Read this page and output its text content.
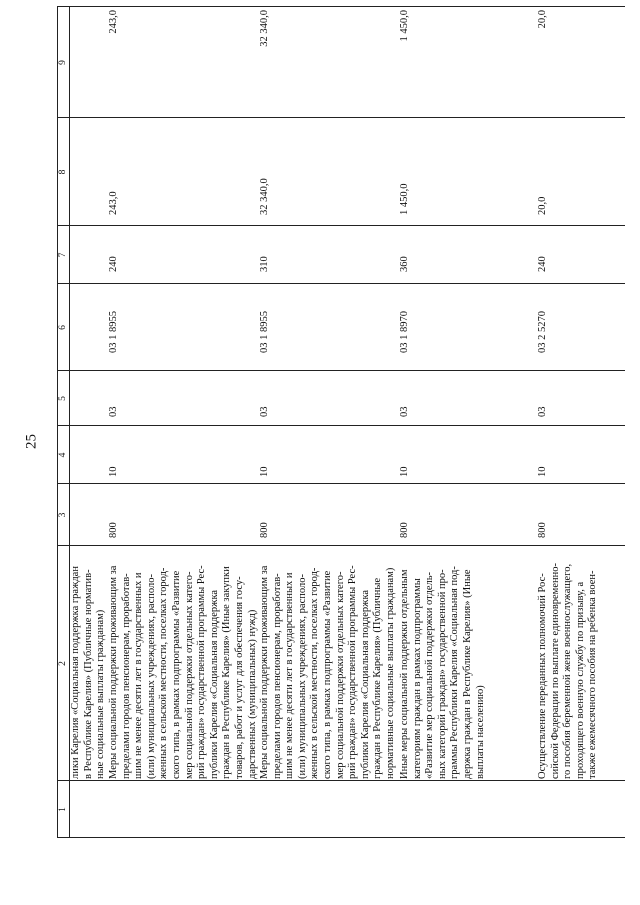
25
1
2
3
4
5
6
7
8
9
лики Карелия «Социальная поддержка граждан
в Республике Карелия» (Публичные норматив-
ные социальные выплаты гражданам)
Меры социальной поддержки проживающим за
пределами городов пенсионерам, проработав-
шим не менее десяти лет в государственных и
(или) муниципальных учреждениях, располо-
женных в сельской местности, поселках город-
ского типа, в рамках подпрограммы «Развитие
мер социальной поддержки отдельных катего-
рий граждан» государственной программы Рес-
публики Карелия «Социальная поддержка
граждан в Республике Карелия» (Иные закупки
товаров, работ и услуг для обеспечения госу-
дарственных (муниципальных) нужд)
800
10
03
03 1 8955
240
243,0
243,0
Меры социальной поддержки проживающим за
пределами городов пенсионерам, проработав-
шим не менее десяти лет в государственных и
(или) муниципальных учреждениях, располо-
женных в сельской местности, поселках город-
ского типа, в рамках подпрограммы «Развитие
мер социальной поддержки отдельных катего-
рий граждан» государственной программы Рес-
публики Карелия «Социальная поддержка
граждан в Республике Карелия» (Публичные
нормативные социальные выплаты гражданам)
800
10
03
03 1 8955
310
32 340,0
32 340,0
Иные меры социальной поддержки отдельным
категориям граждан в рамках подпрограммы
«Развитие мер социальной поддержки отдель-
ных категорий граждан» государственной про-
граммы Республики Карелия «Социальная под-
держка граждан в Республике Карелия» (Иные
выплаты населению)
800
10
03
03 1 8970
360
1 450,0
1 450,0
Осуществление переданных полномочий Рос-
сийской Федерации по выплате единовременно-
го пособия беременной жене военнослужащего,
проходящего военную службу по призыву, а
также ежемесячного пособия на ребенка воен-
800
10
03
03 2 5270
240
20,0
20,0
